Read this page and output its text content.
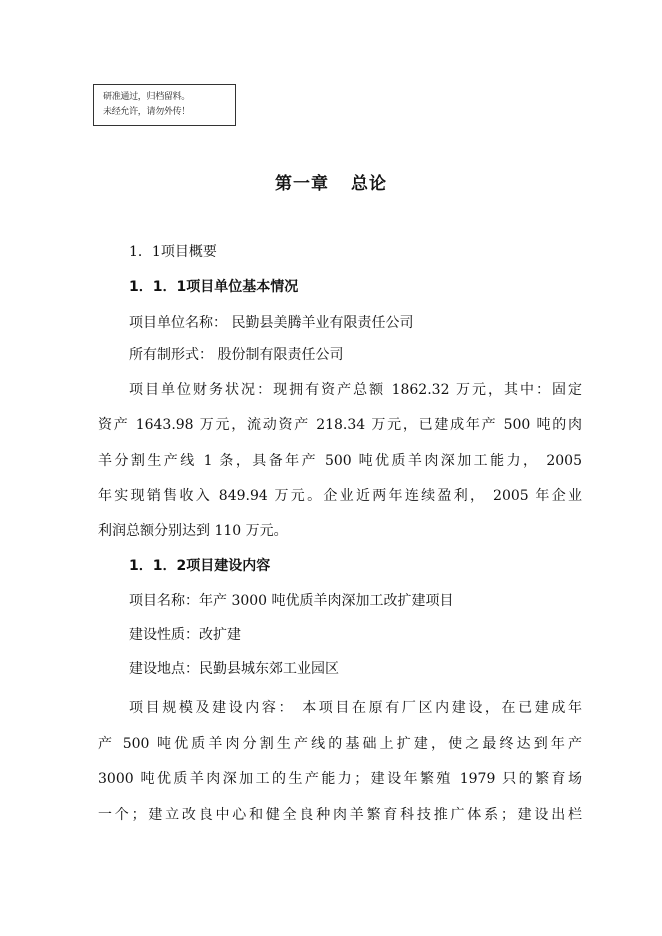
研准通过，归档留料。
未经允许，请勿外传！
第一章 总论
1．1项目概要
1．1．1项目单位基本情况
项目单位名称： 民勤县美腾羊业有限责任公司
所有制形式： 股份制有限责任公司
项目单位财务状况：现拥有资产总额 1862.32 万元，其中：固定
资产 1643.98 万元，流动资产 218.34 万元，已建成年产 500 吨的肉
羊分割生产线 1 条，具备年产 500 吨优质羊肉深加工能力， 2005
年实现销售收入 849.94 万元。企业近两年连续盈利， 2005 年企业
利润总额分别达到 110 万元。
1．1．2项目建设内容
项目名称：年产 3000 吨优质羊肉深加工改扩建项目
建设性质：改扩建
建设地点：民勤县城东郊工业园区
项目规模及建设内容： 本项目在原有厂区内建设，在已建成年
产 500 吨优质羊肉分割生产线的基础上扩建，使之最终达到年产
3000 吨优质羊肉深加工的生产能力；建设年繁殖 1979 只的繁育场
一个；建立改良中心和健全良种肉羊繁育科技推广体系；建设出栏
